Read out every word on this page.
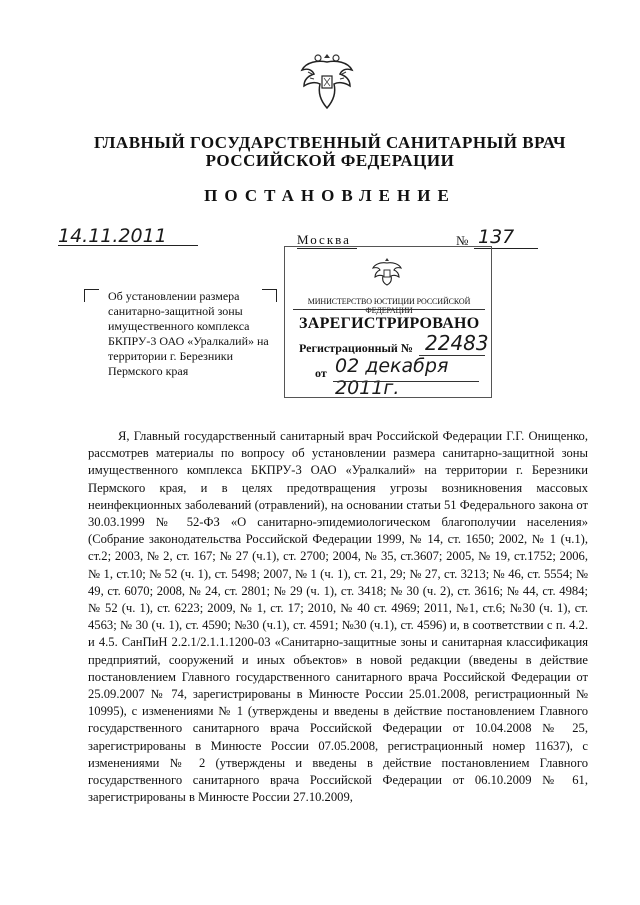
ГЛАВНЫЙ ГОСУДАРСТВЕННЫЙ САНИТАРНЫЙ ВРАЧ
РОССИЙСКОЙ ФЕДЕРАЦИИ
ПОСТАНОВЛЕНИЕ
14.11.2011	Москва	№ 137

Об установлении размера санитарно-защитной зоны имущественного комплекса БКПРУ-3 ОАО «Уралкалий» на территории г. Березники Пермского края

МИНИСТЕРСТВО ЮСТИЦИИ РОССИЙСКОЙ ФЕДЕРАЦИИ
ЗАРЕГИСТРИРОВАНО
Регистрационный № 22483
от 02 декабря 2011г.

Я, Главный государственный санитарный врач Российской Федерации Г.Г. Онищенко, рассмотрев материалы по вопросу об установлении размера санитарно-защитной зоны имущественного комплекса БКПРУ-3 ОАО «Уралкалий» на территории г. Березники Пермского края, и в целях предотвращения угрозы возникновения массовых неинфекционных заболеваний (отравлений), на основании статьи 51 Федерального закона от 30.03.1999 № 52-ФЗ «О санитарно-эпидемиологическом благополучии населения» (Собрание законодательства Российской Федерации 1999, № 14, ст. 1650; 2002, № 1 (ч.1), ст.2; 2003, № 2, ст. 167; № 27 (ч.1), ст. 2700; 2004, № 35, ст.3607; 2005, № 19, ст.1752; 2006, № 1, ст.10; № 52 (ч. 1), ст. 5498; 2007, № 1 (ч. 1), ст. 21, 29; № 27, ст. 3213; № 46, ст. 5554; № 49, ст. 6070; 2008, № 24, ст. 2801; № 29 (ч. 1), ст. 3418; № 30 (ч. 2), ст. 3616; № 44, ст. 4984; № 52 (ч. 1), ст. 6223; 2009, № 1, ст. 17; 2010, № 40 ст. 4969; 2011, №1, ст.6; №30 (ч. 1), ст. 4563; № 30 (ч. 1), ст. 4590; №30 (ч.1), ст. 4591; №30 (ч.1), ст. 4596) и, в соответствии с п. 4.2. и 4.5. СанПиН 2.2.1/2.1.1.1200-03 «Санитарно-защитные зоны и санитарная классификация предприятий, сооружений и иных объектов» в новой редакции (введены в действие постановлением Главного государственного санитарного врача Российской Федерации от 25.09.2007 № 74, зарегистрированы в Минюсте России 25.01.2008, регистрационный № 10995), с изменениями № 1 (утверждены и введены в действие постановлением Главного государственного санитарного врача Российской Федерации от 10.04.2008 № 25, зарегистрированы в Минюсте России 07.05.2008, регистрационный номер 11637), с изменениями № 2 (утверждены и введены в действие постановлением Главного государственного санитарного врача Российской Федерации от 06.10.2009 № 61, зарегистрированы в Минюсте России 27.10.2009,
